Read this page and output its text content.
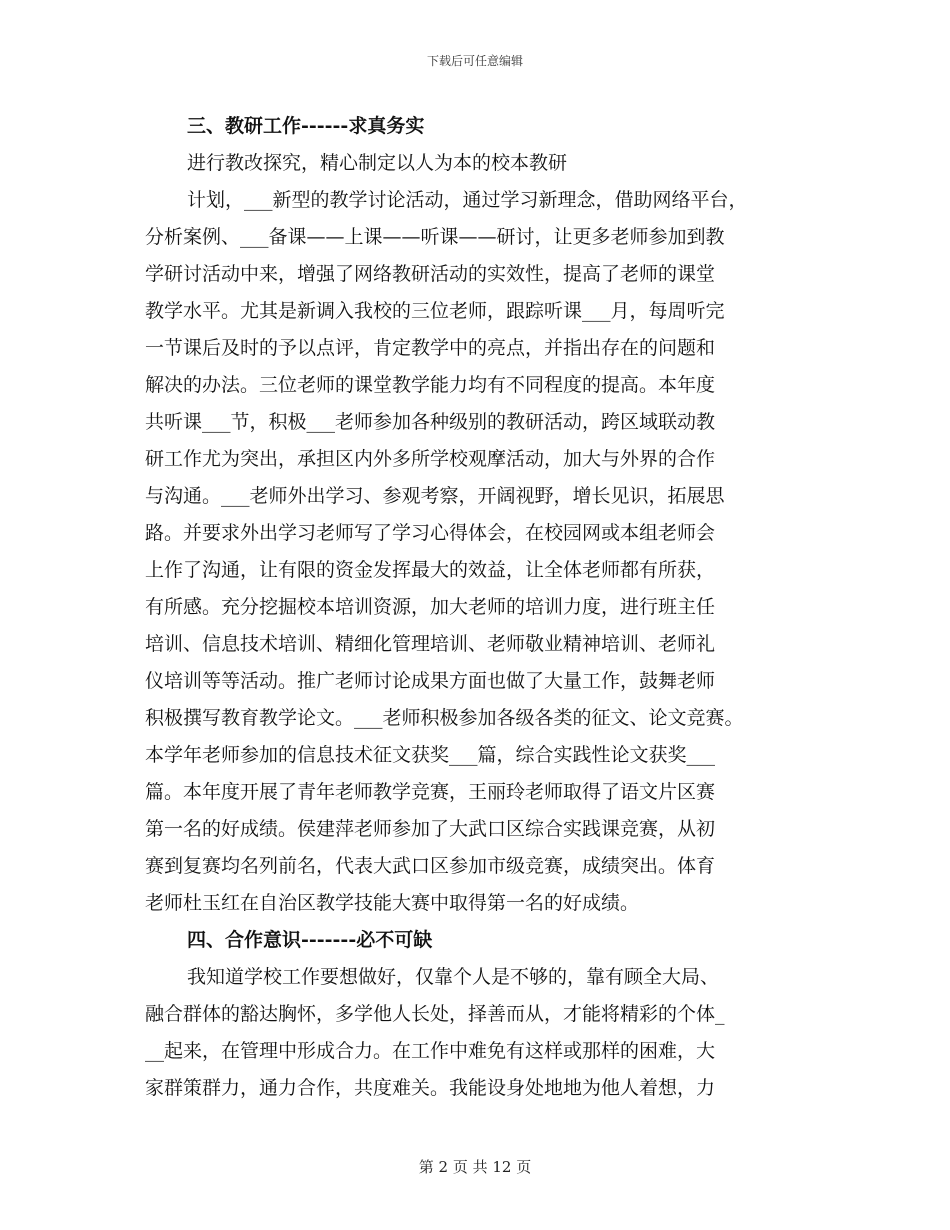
下载后可任意编辑
三、教研工作------求真务实
进行教改探究，精心制定以人为本的校本教研
计划，___新型的教学讨论活动，通过学习新理念，借助网络平台，
分析案例、___备课——上课——听课——研讨，让更多老师参加到教
学研讨活动中来，增强了网络教研活动的实效性，提高了老师的课堂
教学水平。尤其是新调入我校的三位老师，跟踪听课___月，每周听完
一节课后及时的予以点评，肯定教学中的亮点，并指出存在的问题和
解决的办法。三位老师的课堂教学能力均有不同程度的提高。本年度
共听课___节，积极___老师参加各种级别的教研活动，跨区域联动教
研工作尤为突出，承担区内外多所学校观摩活动，加大与外界的合作
与沟通。___老师外出学习、参观考察，开阔视野，增长见识，拓展思
路。并要求外出学习老师写了学习心得体会，在校园网或本组老师会
上作了沟通，让有限的资金发挥最大的效益，让全体老师都有所获，
有所感。充分挖掘校本培训资源，加大老师的培训力度，进行班主任
培训、信息技术培训、精细化管理培训、老师敬业精神培训、老师礼
仪培训等等活动。推广老师讨论成果方面也做了大量工作，鼓舞老师
积极撰写教育教学论文。___老师积极参加各级各类的征文、论文竞赛。
本学年老师参加的信息技术征文获奖___篇，综合实践性论文获奖___
篇。本年度开展了青年老师教学竞赛，王丽玲老师取得了语文片区赛
第一名的好成绩。侯建萍老师参加了大武口区综合实践课竞赛，从初
赛到复赛均名列前名，代表大武口区参加市级竞赛，成绩突出。体育
老师杜玉红在自治区教学技能大赛中取得第一名的好成绩。
四、合作意识-------必不可缺
我知道学校工作要想做好，仅靠个人是不够的，靠有顾全大局、
融合群体的豁达胸怀，多学他人长处，择善而从，才能将精彩的个体_
__起来，在管理中形成合力。在工作中难免有这样或那样的困难，大
家群策群力，通力合作，共度难关。我能设身处地地为他人着想，力
第 2 页 共 12 页
